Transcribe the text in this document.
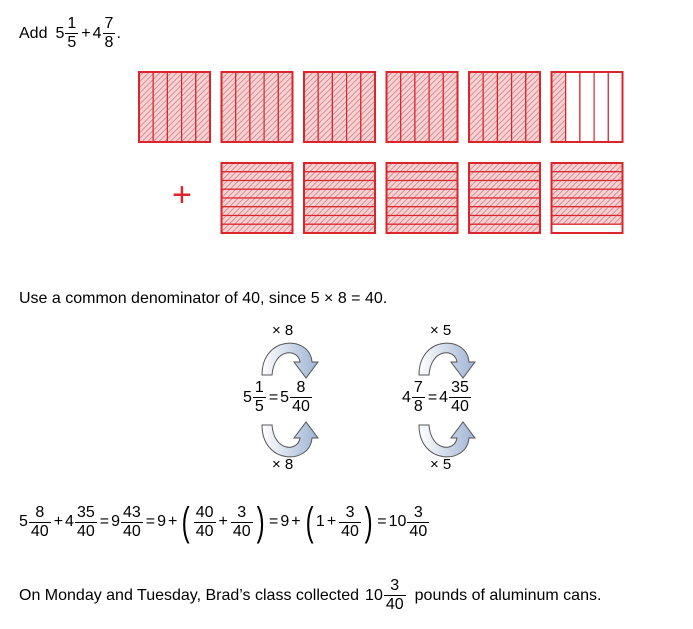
Add $5 \frac{1}{5} + 4 \frac{7}{8}$ .
+
Use a common denominator of 40, since 5 × 8 = 40.
× 8
× 8
× 5
× 5
$5 \frac{1}{5} = 5 \frac{8}{40}$	$4 \frac{7}{8} = 4 \frac{35}{40}$
$5 \frac{8}{40} + 4 \frac{35}{40} = 9 \frac{43}{40} = 9$ + ( $\frac{40}{40} + \frac{3}{40}$ ) = 9 + ( $1 + \frac{3}{40}$ ) = $10 \frac{3}{40}$
On Monday and Tuesday, Brad’s class collected $10 \frac{3}{40}$ pounds of aluminum cans.
